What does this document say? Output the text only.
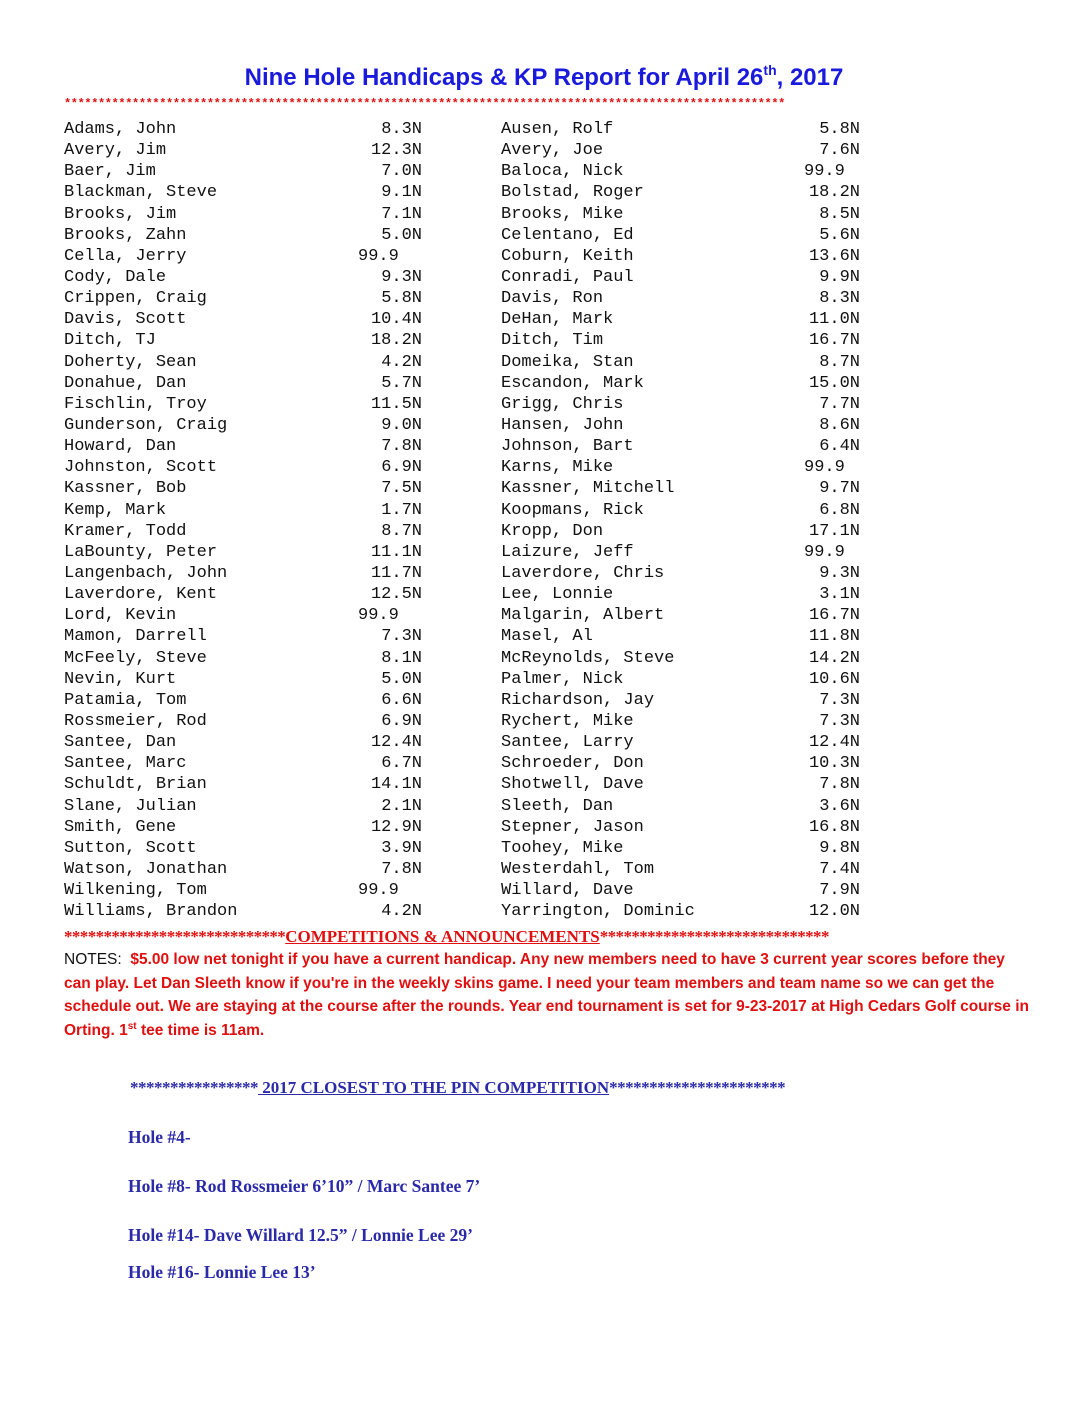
Nine Hole Handicaps & KP Report for April 26th, 2017
**********************************************************************************************************
Adams, John	8.3N	Ausen, Rolf	5.8N
Avery, Jim	12.3N	Avery, Joe	7.6N
Baer, Jim	7.0N	Baloca, Nick	99.9
Blackman, Steve	9.1N	Bolstad, Roger	18.2N
Brooks, Jim	7.1N	Brooks, Mike	8.5N
Brooks, Zahn	5.0N	Celentano, Ed	5.6N
Cella, Jerry	99.9	Coburn, Keith	13.6N
Cody, Dale	9.3N	Conradi, Paul	9.9N
Crippen, Craig	5.8N	Davis, Ron	8.3N
Davis, Scott	10.4N	DeHan, Mark	11.0N
Ditch, TJ	18.2N	Ditch, Tim	16.7N
Doherty, Sean	4.2N	Domeika, Stan	8.7N
Donahue, Dan	5.7N	Escandon, Mark	15.0N
Fischlin, Troy	11.5N	Grigg, Chris	7.7N
Gunderson, Craig	9.0N	Hansen, John	8.6N
Howard, Dan	7.8N	Johnson, Bart	6.4N
Johnston, Scott	6.9N	Karns, Mike	99.9
Kassner, Bob	7.5N	Kassner, Mitchell	9.7N
Kemp, Mark	1.7N	Koopmans, Rick	6.8N
Kramer, Todd	8.7N	Kropp, Don	17.1N
LaBounty, Peter	11.1N	Laizure, Jeff	99.9
Langenbach, John	11.7N	Laverdore, Chris	9.3N
Laverdore, Kent	12.5N	Lee, Lonnie	3.1N
Lord, Kevin	99.9	Malgarin, Albert	16.7N
Mamon, Darrell	7.3N	Masel, Al	11.8N
McFeely, Steve	8.1N	McReynolds, Steve	14.2N
Nevin, Kurt	5.0N	Palmer, Nick	10.6N
Patamia, Tom	6.6N	Richardson, Jay	7.3N
Rossmeier, Rod	6.9N	Rychert, Mike	7.3N
Santee, Dan	12.4N	Santee, Larry	12.4N
Santee, Marc	6.7N	Schroeder, Don	10.3N
Schuldt, Brian	14.1N	Shotwell, Dave	7.8N
Slane, Julian	2.1N	Sleeth, Dan	3.6N
Smith, Gene	12.9N	Stepner, Jason	16.8N
Sutton, Scott	3.9N	Toohey, Mike	9.8N
Watson, Jonathan	7.8N	Westerdahl, Tom	7.4N
Wilkening, Tom	99.9	Willard, Dave	7.9N
Williams, Brandon	4.2N	Yarrington, Dominic	12.0N
****************************COMPETITIONS & ANNOUNCEMENTS*****************************
NOTES: $5.00 low net tonight if you have a current handicap. Any new members need to have 3 current year scores before they can play. Let Dan Sleeth know if you're in the weekly skins game. I need your team members and team name so we can get the schedule out. We are staying at the course after the rounds. Year end tournament is set for 9-23-2017 at High Cedars Golf course in Orting. 1st tee time is 11am.
**************** 2017 CLOSEST TO THE PIN COMPETITION**********************
Hole #4-
Hole #8- Rod Rossmeier 6’10” / Marc Santee 7’
Hole #14- Dave Willard 12.5” / Lonnie Lee 29’
Hole #16- Lonnie Lee 13’
